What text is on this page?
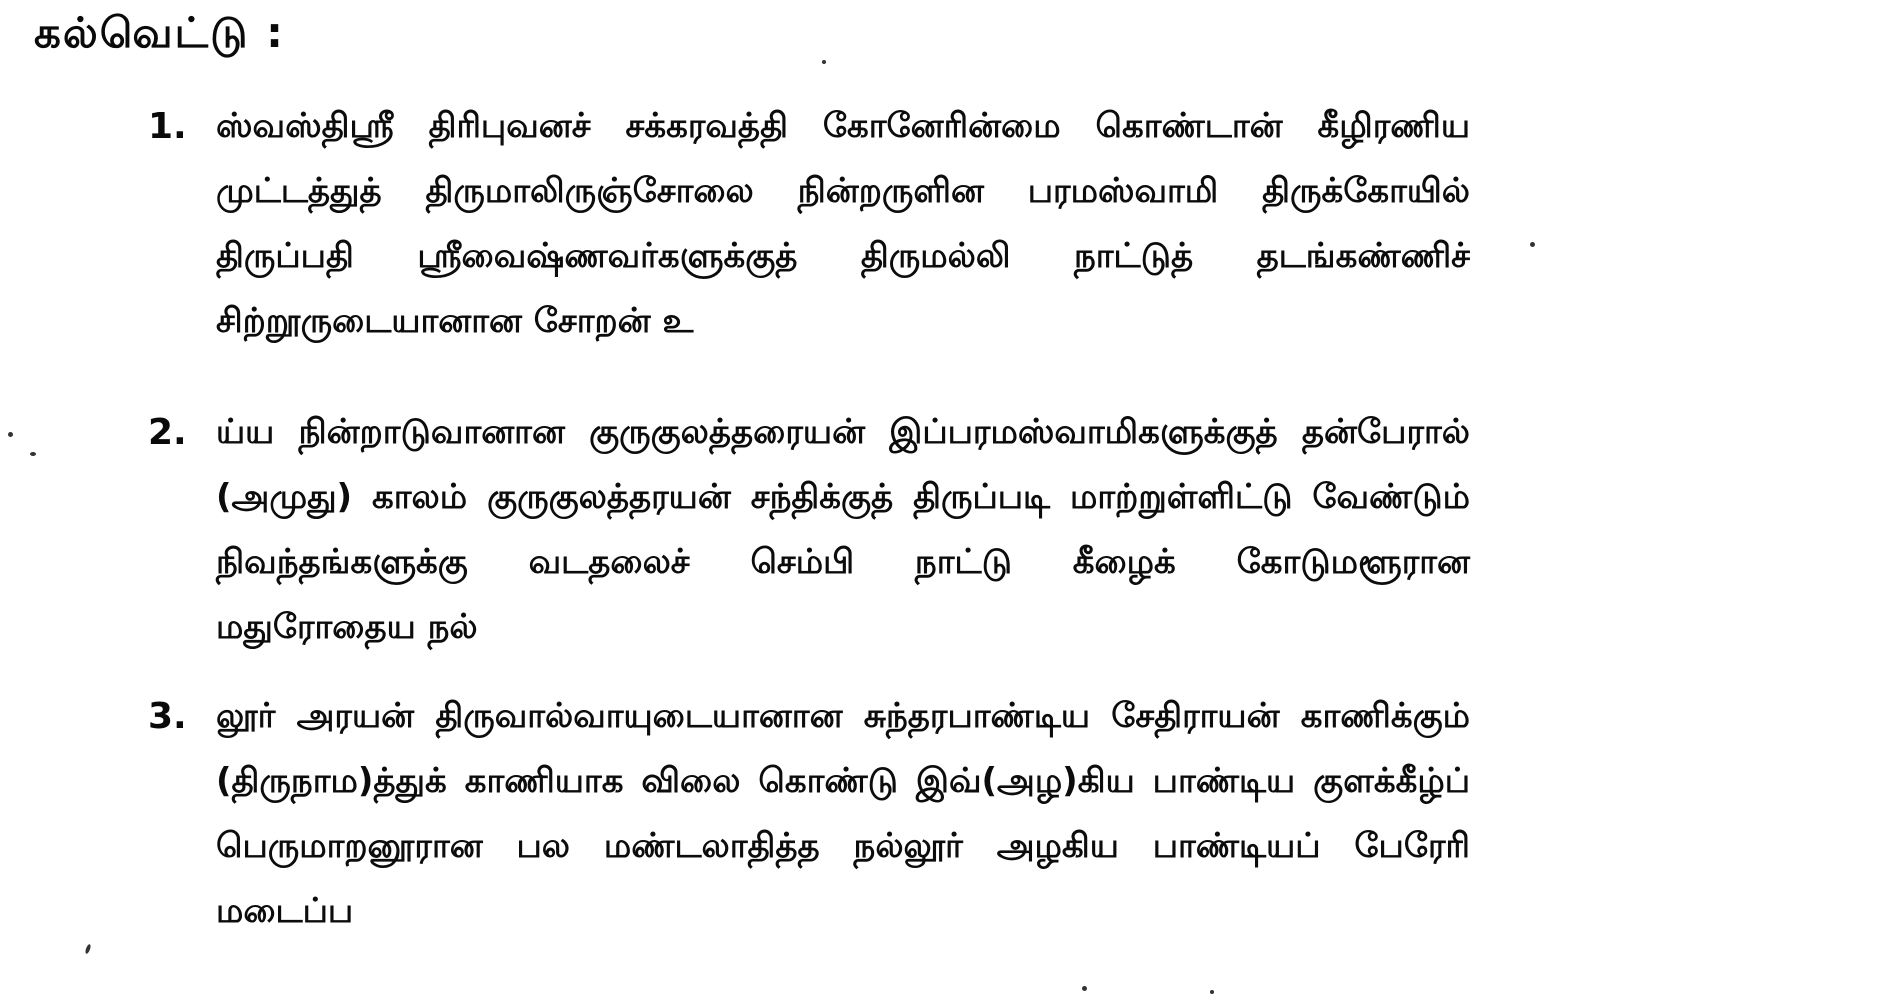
கல்வெட்டு :
1. ஸ்வஸ்திஸ்ரீ திரிபுவனச் சக்கரவத்தி கோனேரின்மை கொண்டான் கீழிரணிய
முட்டத்துத் திருமாலிருஞ்சோலை நின்றருளின பரமஸ்வாமி திருக்கோயில்
திருப்பதி ஸ்ரீவைஷ்ணவர்களுக்குத் திருமல்லி நாட்டுத் தடங்கண்ணிச்
சிற்றூருடையானான சோறன் உ
2. ய்ய நின்றாடுவானான குருகுலத்தரையன் இப்பரமஸ்வாமிகளுக்குத் தன்பேரால்
(அமுது) காலம் குருகுலத்தரயன் சந்திக்குத் திருப்படி மாற்றுள்ளிட்டு வேண்டும்
நிவந்தங்களுக்கு வடதலைச் செம்பி நாட்டு கீழைக் கோடுமளூரான
மதுரோதைய நல்
3. லூர் அரயன் திருவால்வாயுடையானான சுந்தரபாண்டிய சேதிராயன் காணிக்கும்
(திருநாம)த்துக் காணியாக விலை கொண்டு இவ்(அழ)கிய பாண்டிய குளக்கீழ்ப்
பெருமாறனூரான பல மண்டலாதித்த நல்லூர் அழகிய பாண்டியப் பேரேரி
மடைப்ப
